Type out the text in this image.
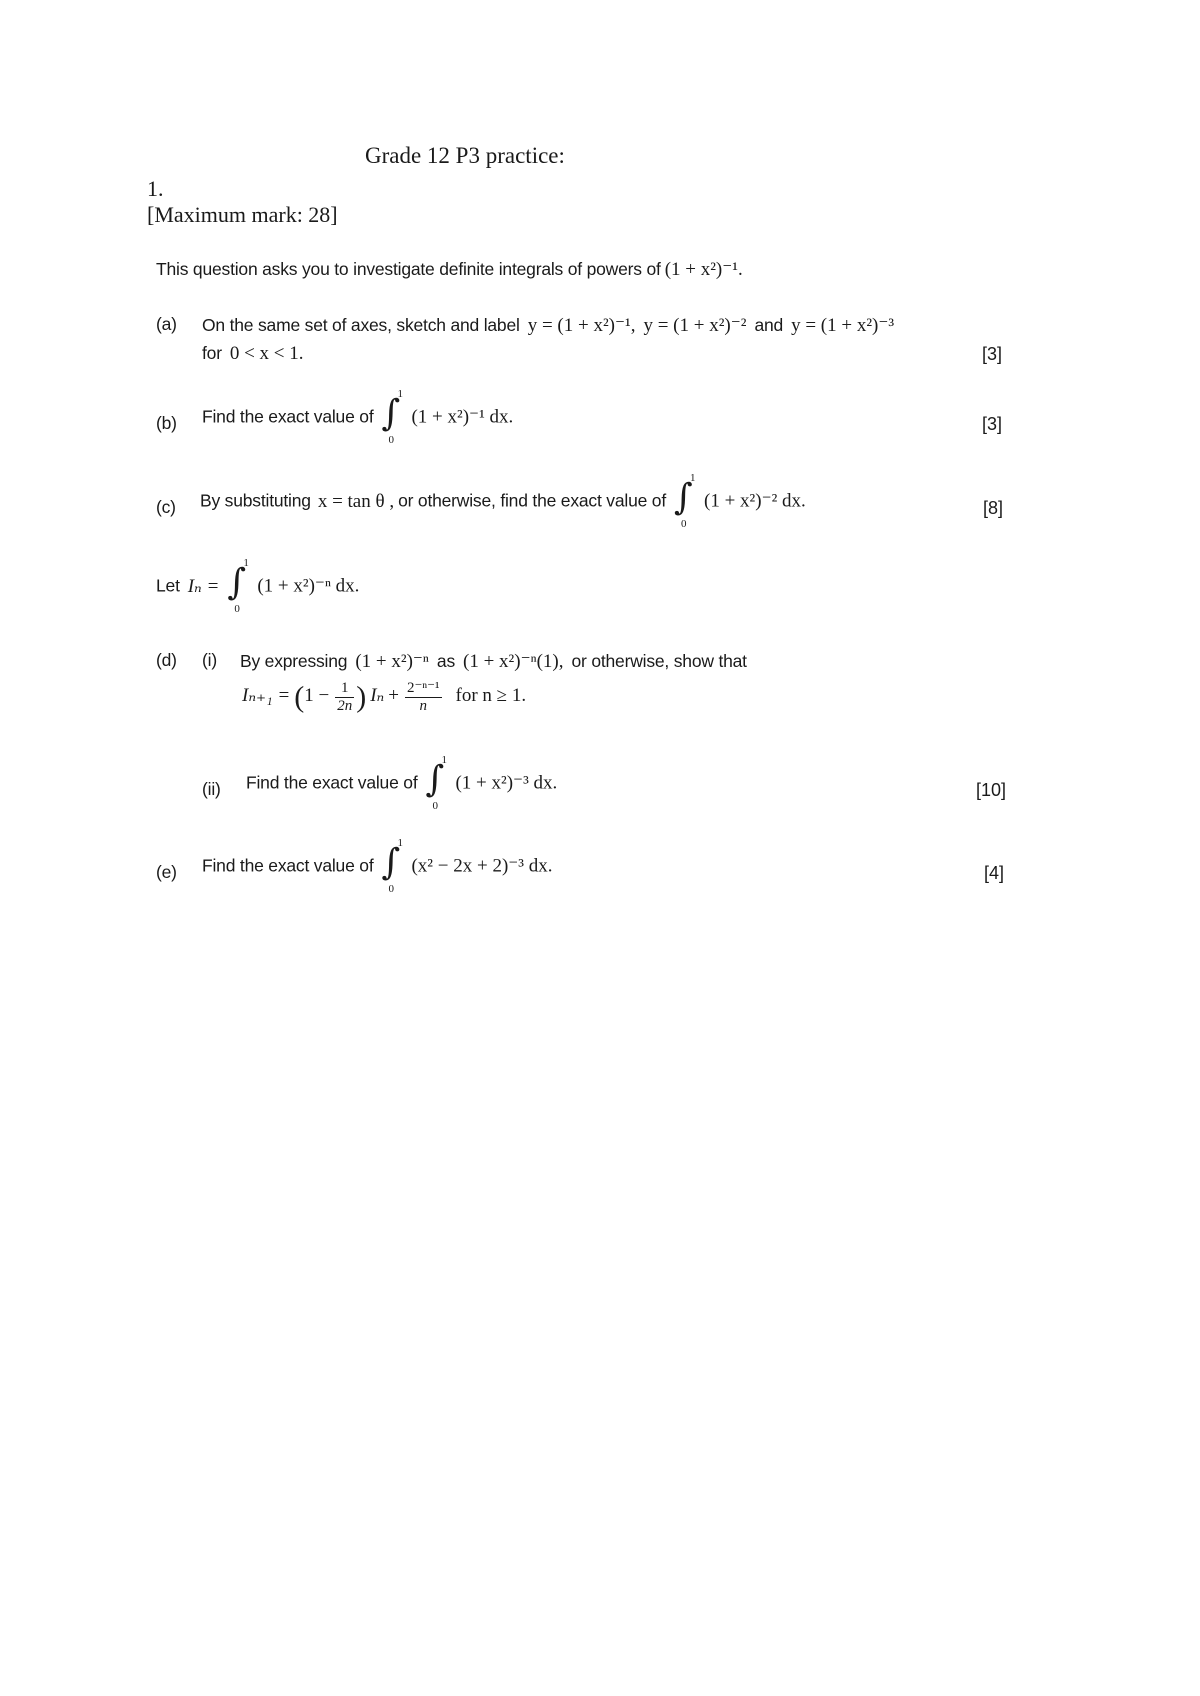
Grade 12 P3 practice:
1.
[Maximum mark: 28]
This question asks you to investigate definite integrals of powers of (1 + x²)⁻¹.
(a) On the same set of axes, sketch and label y = (1 + x²)⁻¹, y = (1 + x²)⁻² and y = (1 + x²)⁻³
for 0 < x < 1.	[3]
(b) Find the exact value of ∫
1
0
(1 + x²)⁻¹ dx.	[3]
(c) By substituting x = tan θ , or otherwise, find the exact value of ∫
1
0
(1 + x²)⁻² dx.	[8]
Let Iₙ = ∫
1
0
(1 + x²)⁻ⁿ dx.
(d) (i) By expressing (1 + x²)⁻ⁿ as (1 + x²)⁻ⁿ(1), or otherwise, show that
$I_{n+1} = (1 - \frac{1}{2n}$ ) $I_n + \frac{\text{2⁻ⁿ⁻¹}}{n}$ for n ≥ 1.
(ii) Find the exact value of ∫
1
0
(1 + x²)⁻³ dx.	[10]
(e) Find the exact value of ∫
1
0
(x² − 2x + 2)⁻³ dx.	[4]
